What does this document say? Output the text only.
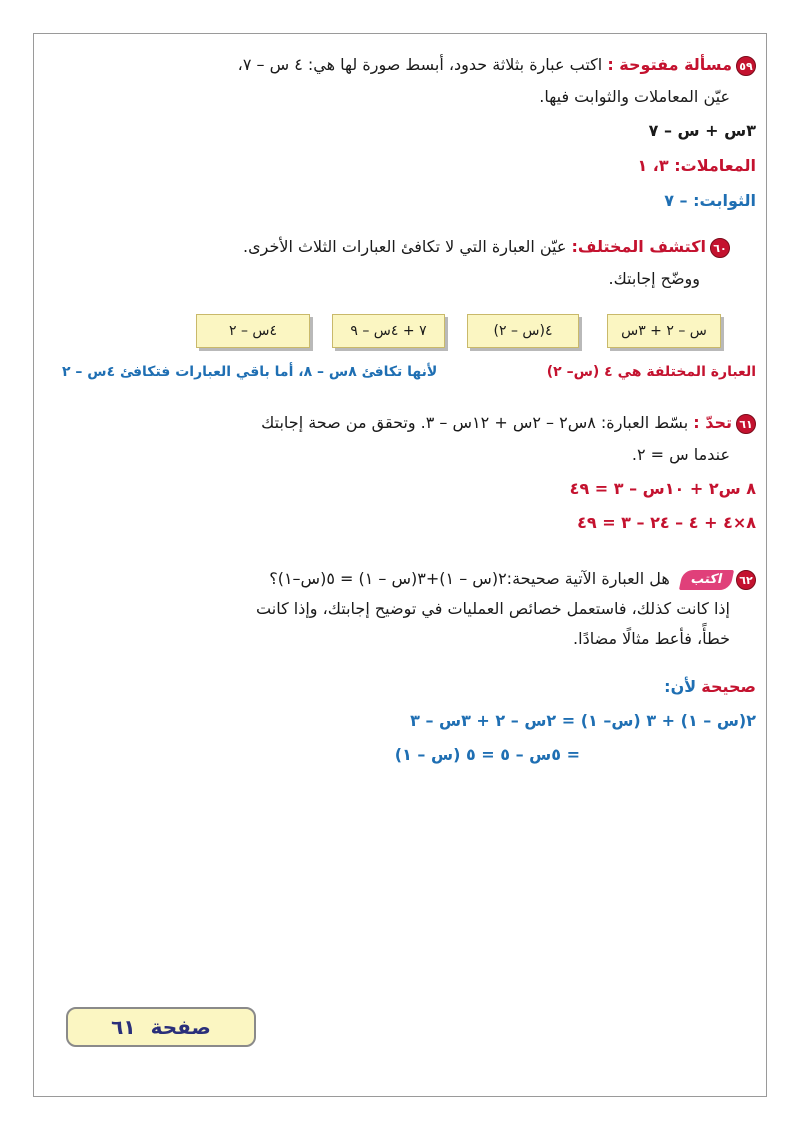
٥٩مسألة مفتوحة : اكتب عبارة بثلاثة حدود، أبسط صورة لها هي: ٤ س – ٧،
عيّن المعاملات والثوابت فيها.
٣س + س – ٧
المعاملات: ٣، ١
الثوابت: – ٧
٦٠اكتشف المختلف: عيّن العبارة التي لا تكافئ العبارات الثلاث الأخرى.
ووضّح إجابتك.
س – ٢ + ٣س
٤(س – ٢)
٧ + ٤س – ٩
٤س – ٢
العبارة المختلفة هي ٤ (س– ٢)
لأنها تكافئ ٨س – ٨، أما باقي العبارات فتكافئ ٤س – ٢
٦١تحدّ : بسّط العبارة: ٨س٢ – ٢س + ١٢س – ٣. وتحقق من صحة إجابتك
عندما س = ٢.
٨ س٢ + ١٠س – ٣ = ٤٩
٨×٤ + ٤ – ٢٤ – ٣ = ٤٩
٦٢اكتب هل العبارة الآتية صحيحة:٢(س – ١)+٣(س – ١) = ٥(س–١)؟
إذا كانت كذلك، فاستعمل خصائص العمليات في توضيح إجابتك، وإذا كانت
خطأً، فأعط مثالًا مضادًا.
صحيحة لأن:
٢(س – ١) + ٣ (س– ١) = ٢س – ٢ + ٣س – ٣
= ٥س – ٥ = ٥ (س – ١)
صفحة ٦١
